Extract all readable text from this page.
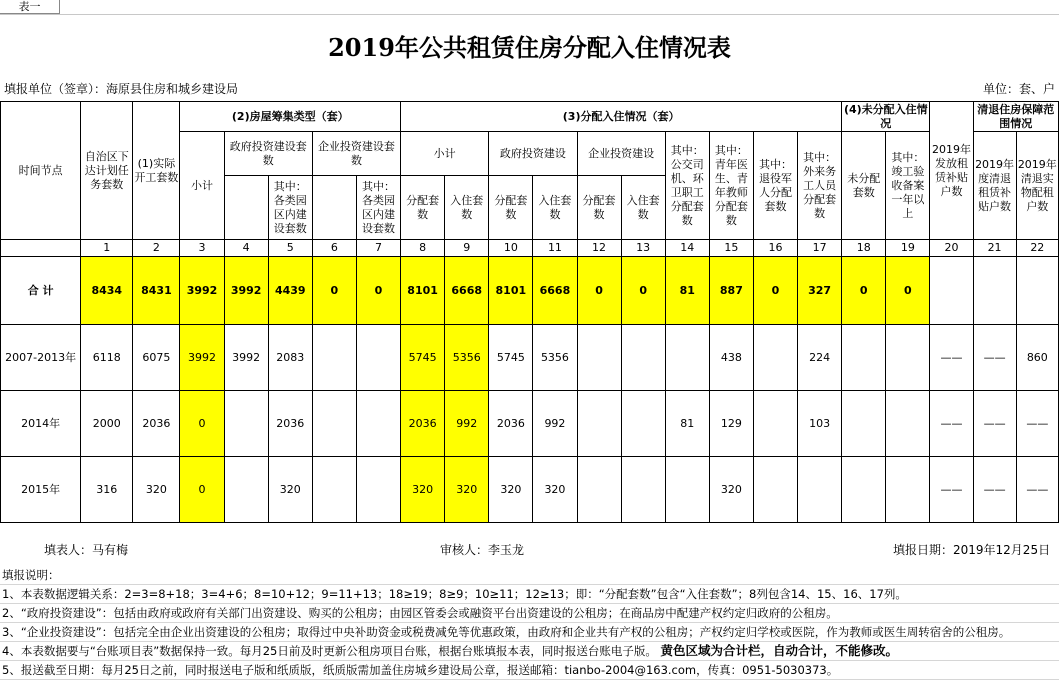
表一
2019年公共租赁住房分配入住情况表
填报单位（签章）：海原县住房和城乡建设局	单位：套、户
时间节点	自治区下达计划任务套数	(1)实际开工套数	(2)房屋筹集类型（套）					(3)分配入住情况（套）										(4)未分配入住情况		2019年发放租赁补贴户数	清退住房保障范围情况	
			小计	政府投资建设套数		企业投资建设套数		小计		政府投资建设		企业投资建设		其中：公交司机、环卫职工分配套数	其中：青年医生、青年教师分配套数	其中：退役军人分配套数	其中：外来务工人员分配套数	未分配套数	其中：竣工验收备案一年以上		2019年度清退租赁补贴户数	2019年清退实物配租户数
					其中：各类园区内建设套数		其中：各类园区内建设套数	分配套数	入住套数	分配套数	入住套数	分配套数	入住套数									

	1	2	3	4	5	6	7	8	9	10	11	12	13	14	15	16	17	18	19	20	21	22
合 计	8434	8431	3992	3992	4439	0	0	8101	6668	8101	6668	0	0	81	887	0	327	0	0			
2007-2013年	6118	6075	3992	3992	2083			5745	5356	5745	5356				438		224			——	——	860
2014年	2000	2036	0		2036			2036	992	2036	992			81	129		103			——	——	——
2015年	316	320	0		320			320	320	320	320				320					——	——	——
填表人：马有梅	审核人：李玉龙	填报日期：2019年12月25日
填报说明：
1、本表数据逻辑关系：2=3=8+18；3=4+6；8=10+12；9=11+13；18≥19；8≥9；10≥11；12≥13；即：“分配套数”包含“入住套数”；8列包含14、15、16、17列。
2、“政府投资建设”：包括由政府或政府有关部门出资建设、购买的公租房；由园区管委会或融资平台出资建设的公租房；在商品房中配建产权约定归政府的公租房。
3、“企业投资建设”：包括完全由企业出资建设的公租房；取得过中央补助资金或税费减免等优惠政策，由政府和企业共有产权的公租房；产权约定归学校或医院，作为教师或医生周转宿舍的公租房。
4、本表数据要与“台账项目表”数据保持一致。每月25日前及时更新公租房项目台账，根据台账填报本表，同时报送台账电子版。 黄色区域为合计栏，自动合计，不能修改。
5、报送截至日期：每月25日之前，同时报送电子版和纸质版，纸质版需加盖住房城乡建设局公章，报送邮箱：tianbo-2004@163.com，传真：0951-5030373。
